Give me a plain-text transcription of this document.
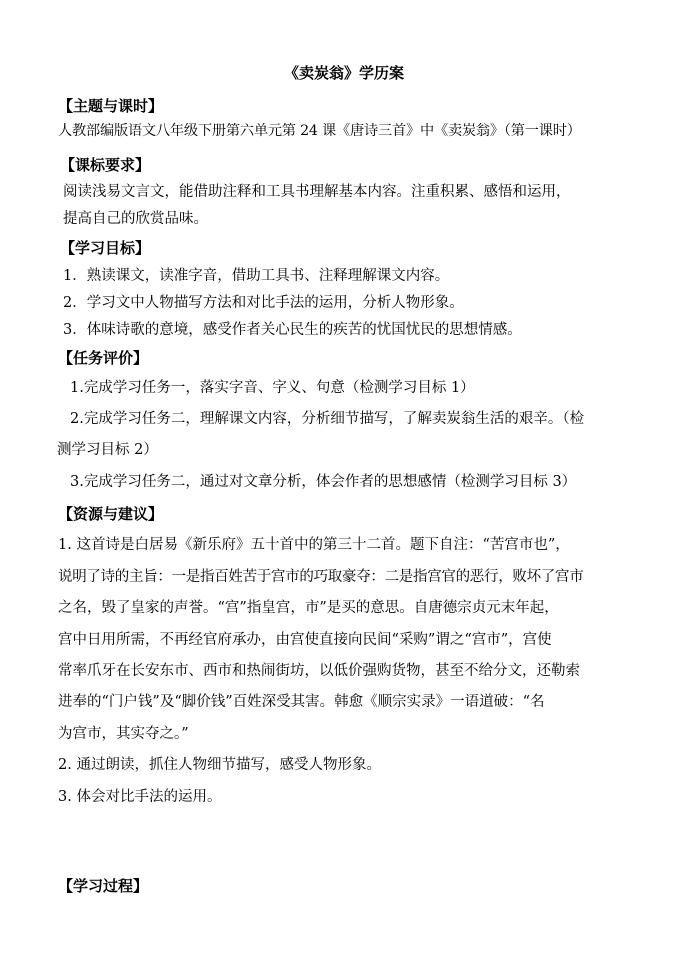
《卖炭翁》学历案
【主题与课时】
人教部编版语文八年级下册第六单元第 24 课《唐诗三首》中《卖炭翁》（第一课时）
【课标要求】
阅读浅易文言文，能借助注释和工具书理解基本内容。注重积累、感悟和运用，
提高自己的欣赏品味。
【学习目标】
1．熟读课文，读准字音，借助工具书、注释理解课文内容。
2．学习文中人物描写方法和对比手法的运用，分析人物形象。
3．体味诗歌的意境，感受作者关心民生的疾苦的忧国忧民的思想情感。
【任务评价】
1.完成学习任务一，落实字音、字义、句意（检测学习目标 1）
2.完成学习任务二，理解课文内容，分析细节描写，了解卖炭翁生活的艰辛。（检
测学习目标 2）
3.完成学习任务二，通过对文章分析，体会作者的思想感情（检测学习目标 3）
【资源与建议】
1. 这首诗是白居易《新乐府》五十首中的第三十二首。题下自注：“苦宫市也”，
说明了诗的主旨：一是指百姓苦于宫市的巧取豪夺：二是指宫官的恶行，败坏了宫市
之名，毁了皇家的声誉。“宫”指皇宫，市”是买的意思。自唐德宗贞元末年起，
宫中日用所需，不再经官府承办，由宫使直接向民间“采购”谓之“宫市”，宫使
常率爪牙在长安东市、西市和热闹街坊，以低价强购货物，甚至不给分文，还勒索
进奉的“门户钱”及“脚价钱”百姓深受其害。韩愈《顺宗实录》一语道破：“名
为宫市，其实夺之。”
2. 通过朗读，抓住人物细节描写，感受人物形象。
3. 体会对比手法的运用。
【学习过程】
